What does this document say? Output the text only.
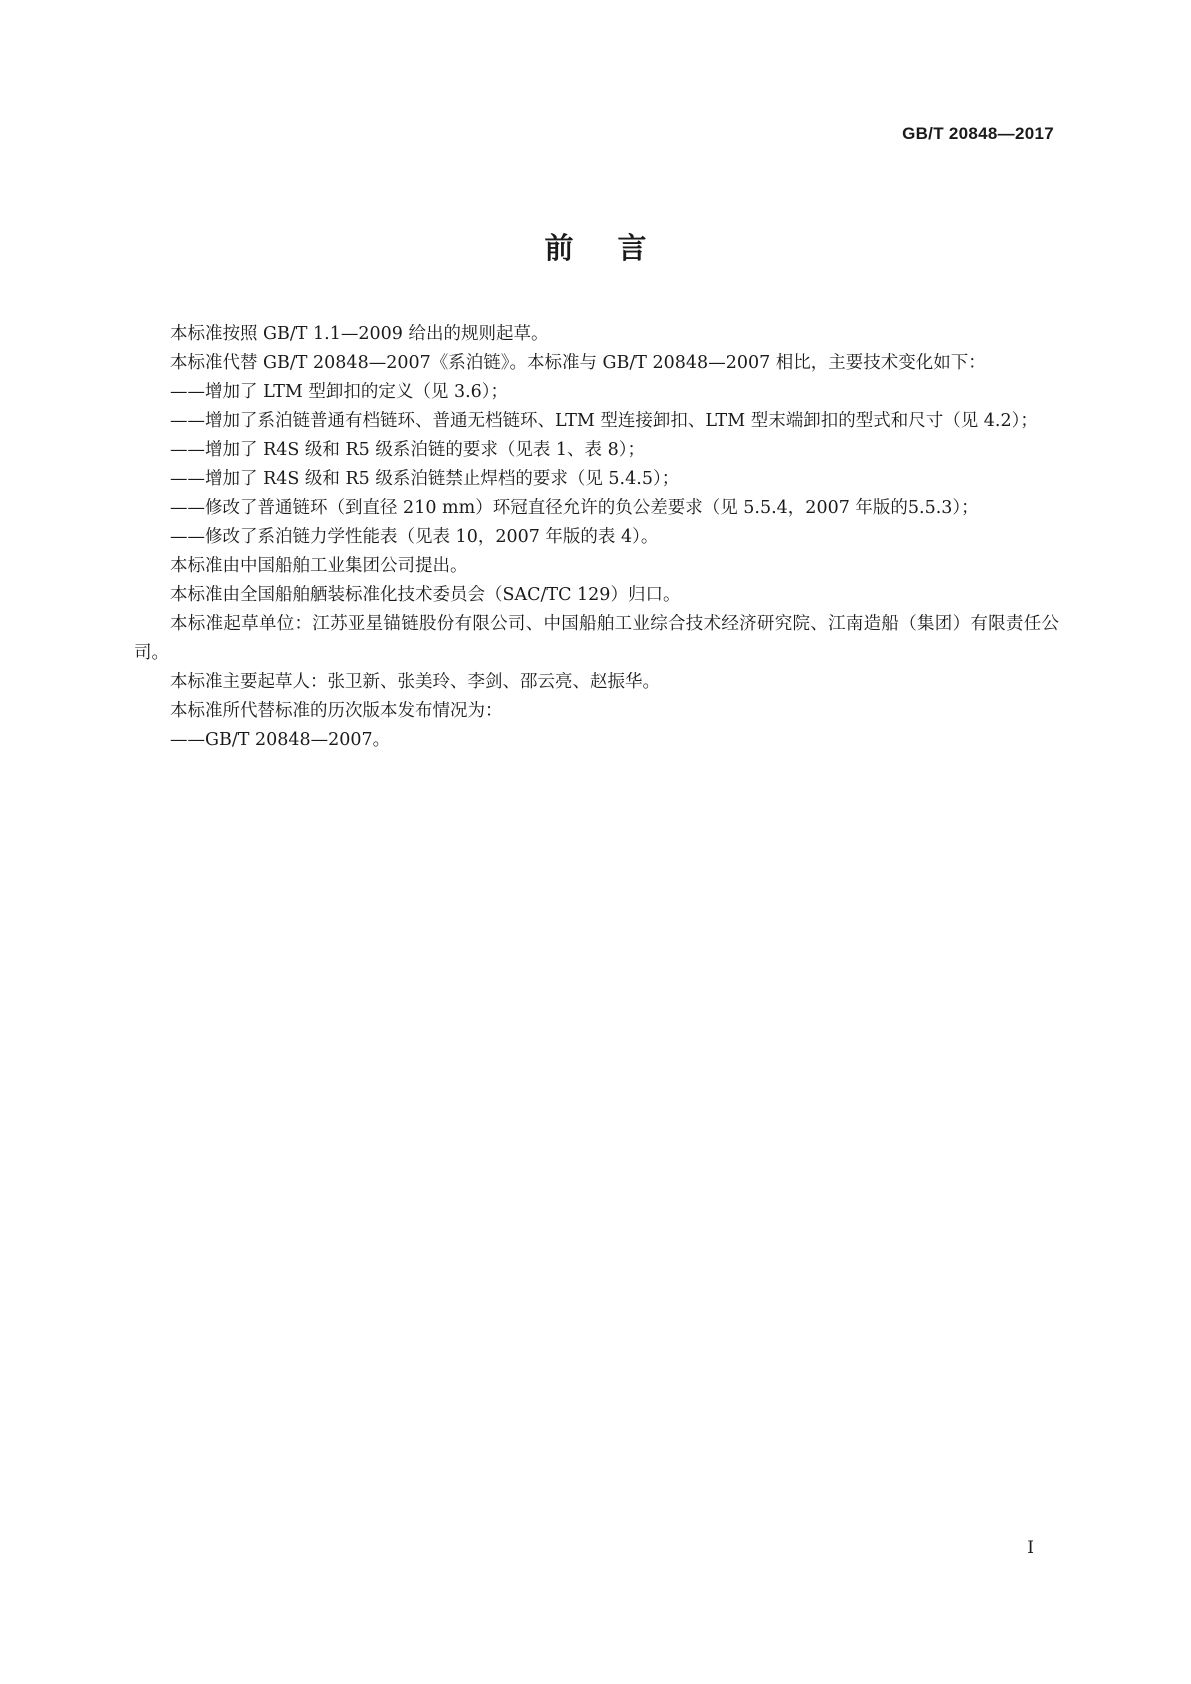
GB/T 20848—2017
前言

本标准按照 GB/T 1.1—2009 给出的规则起草。

本标准代替 GB/T 20848—2007《系泊链》。本标准与 GB/T 20848—2007 相比，主要技术变化如下：

——增加了 LTM 型卸扣的定义（见 3.6）；

——增加了系泊链普通有档链环、普通无档链环、LTM 型连接卸扣、LTM 型末端卸扣的型式和尺寸（见 4.2）；

——增加了 R4S 级和 R5 级系泊链的要求（见表 1、表 8）；

——增加了 R4S 级和 R5 级系泊链禁止焊档的要求（见 5.4.5）；

——修改了普通链环（到直径 210 mm）环冠直径允许的负公差要求（见 5.5.4，2007 年版的5.5.3）；

——修改了系泊链力学性能表（见表 10，2007 年版的表 4）。

本标准由中国船舶工业集团公司提出。

本标准由全国船舶舾装标准化技术委员会（SAC/TC 129）归口。

本标准起草单位：江苏亚星锚链股份有限公司、中国船舶工业综合技术经济研究院、江南造船（集团）有限责任公司。

本标准主要起草人：张卫新、张美玲、李剑、邵云亮、赵振华。

本标准所代替标准的历次版本发布情况为：

——GB/T 20848—2007。

I
